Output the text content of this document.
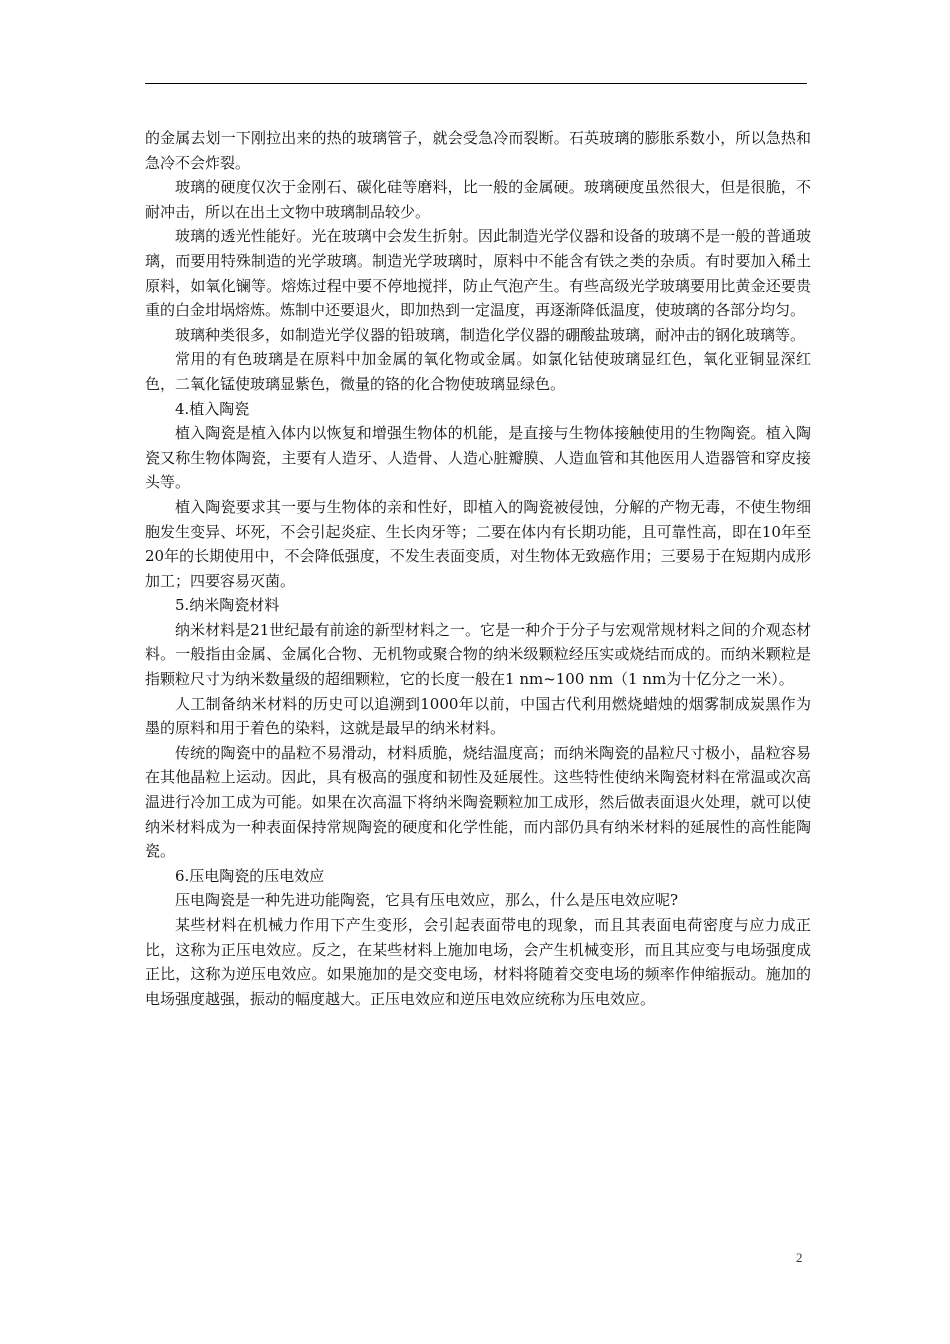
的金属去划一下刚拉出来的热的玻璃管子，就会受急冷而裂断。石英玻璃的膨胀系数小，所以急热和急冷不会炸裂。

玻璃的硬度仅次于金刚石、碳化硅等磨料，比一般的金属硬。玻璃硬度虽然很大，但是很脆，不耐冲击，所以在出土文物中玻璃制品较少。

玻璃的透光性能好。光在玻璃中会发生折射。因此制造光学仪器和设备的玻璃不是一般的普通玻璃，而要用特殊制造的光学玻璃。制造光学玻璃时，原料中不能含有铁之类的杂质。有时要加入稀土原料，如氧化镧等。熔炼过程中要不停地搅拌，防止气泡产生。有些高级光学玻璃要用比黄金还要贵重的白金坩埚熔炼。炼制中还要退火，即加热到一定温度，再逐渐降低温度，使玻璃的各部分均匀。

玻璃种类很多，如制造光学仪器的铅玻璃，制造化学仪器的硼酸盐玻璃，耐冲击的钢化玻璃等。

常用的有色玻璃是在原料中加金属的氧化物或金属。如氯化钴使玻璃显红色，氧化亚铜显深红色，二氧化锰使玻璃显紫色，微量的铬的化合物使玻璃显绿色。

4.植入陶瓷

植入陶瓷是植入体内以恢复和增强生物体的机能，是直接与生物体接触使用的生物陶瓷。植入陶瓷又称生物体陶瓷，主要有人造牙、人造骨、人造心脏瓣膜、人造血管和其他医用人造器管和穿皮接头等。

植入陶瓷要求其一要与生物体的亲和性好，即植入的陶瓷被侵蚀，分解的产物无毒，不使生物细胞发生变异、坏死，不会引起炎症、生长肉牙等；二要在体内有长期功能，且可靠性高，即在10年至20年的长期使用中，不会降低强度，不发生表面变质，对生物体无致癌作用；三要易于在短期内成形加工；四要容易灭菌。

5.纳米陶瓷材料

纳米材料是21世纪最有前途的新型材料之一。它是一种介于分子与宏观常规材料之间的介观态材料。一般指由金属、金属化合物、无机物或聚合物的纳米级颗粒经压实或烧结而成的。而纳米颗粒是指颗粒尺寸为纳米数量级的超细颗粒，它的长度一般在1 nm~100 nm（1 nm为十亿分之一米）。

人工制备纳米材料的历史可以追溯到1000年以前，中国古代利用燃烧蜡烛的烟雾制成炭黑作为墨的原料和用于着色的染料，这就是最早的纳米材料。

传统的陶瓷中的晶粒不易滑动，材料质脆，烧结温度高；而纳米陶瓷的晶粒尺寸极小，晶粒容易在其他晶粒上运动。因此，具有极高的强度和韧性及延展性。这些特性使纳米陶瓷材料在常温或次高温进行冷加工成为可能。如果在次高温下将纳米陶瓷颗粒加工成形，然后做表面退火处理，就可以使纳米材料成为一种表面保持常规陶瓷的硬度和化学性能，而内部仍具有纳米材料的延展性的高性能陶瓷。

6.压电陶瓷的压电效应

压电陶瓷是一种先进功能陶瓷，它具有压电效应，那么，什么是压电效应呢?

某些材料在机械力作用下产生变形，会引起表面带电的现象，而且其表面电荷密度与应力成正比，这称为正压电效应。反之，在某些材料上施加电场，会产生机械变形，而且其应变与电场强度成正比，这称为逆压电效应。如果施加的是交变电场，材料将随着交变电场的频率作伸缩振动。施加的电场强度越强，振动的幅度越大。正压电效应和逆压电效应统称为压电效应。

2
